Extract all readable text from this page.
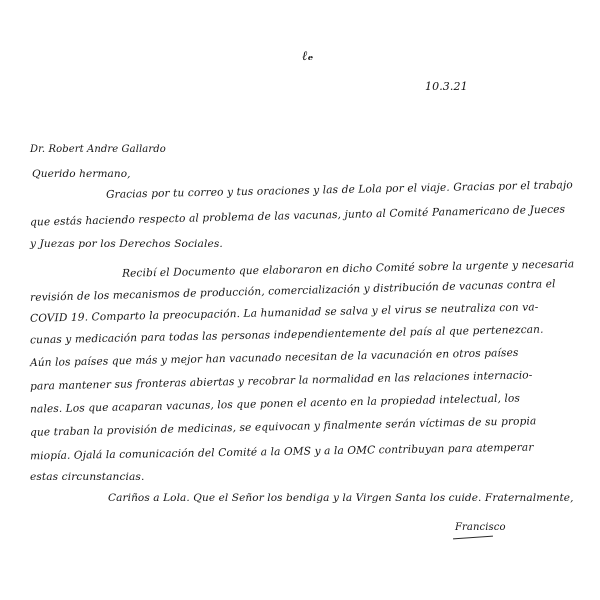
ℓₑ
10.3.21
Dr. Robert Andre Gallardo
Querido hermano,
Gracias por tu correo y tus oraciones y las de Lola por el viaje. Gracias por el trabajo
que estás haciendo respecto al problema de las vacunas, junto al Comité Panamericano de Jueces
y Juezas por los Derechos Sociales.
Recibí el Documento que elaboraron en dicho Comité sobre la urgente y necesaria
revisión de los mecanismos de producción, comercialización y distribución de vacunas contra el
COVID 19. Comparto la preocupación. La humanidad se salva y el virus se neutraliza con va-
cunas y medicación para todas las personas independientemente del país al que pertenezcan.
Aún los países que más y mejor han vacunado necesitan de la vacunación en otros países
para mantener sus fronteras abiertas y recobrar la normalidad en las relaciones internacio-
nales. Los que acaparan vacunas, los que ponen el acento en la propiedad intelectual, los
que traban la provisión de medicinas, se equivocan y finalmente serán víctimas de su propia
miopía. Ojalá la comunicación del Comité a la OMS y a la OMC contribuyan para atemperar
estas circunstancias.
Cariños a Lola. Que el Señor los bendiga y la Virgen Santa los cuide. Fraternalmente,
Francisco
